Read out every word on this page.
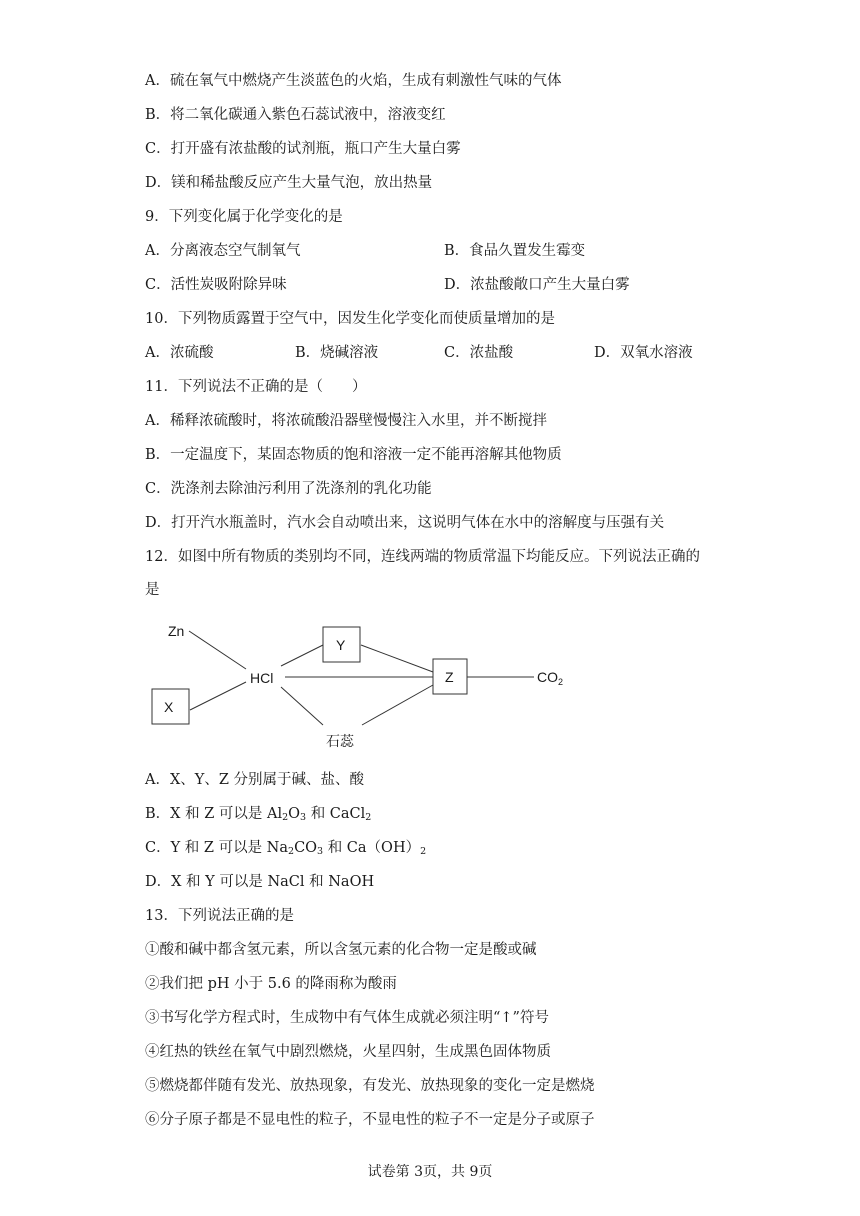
A．硫在氧气中燃烧产生淡蓝色的火焰，生成有刺激性气味的气体
B．将二氧化碳通入紫色石蕊试液中，溶液变红
C．打开盛有浓盐酸的试剂瓶，瓶口产生大量白雾
D．镁和稀盐酸反应产生大量气泡，放出热量
9．下列变化属于化学变化的是
A．分离液态空气制氧气	B．食品久置发生霉变
C．活性炭吸附除异味	D．浓盐酸敞口产生大量白雾
10．下列物质露置于空气中，因发生化学变化而使质量增加的是
A．浓硫酸	B．烧碱溶液	C．浓盐酸	D．双氧水溶液
11．下列说法不正确的是（　　）
A．稀释浓硫酸时，将浓硫酸沿器壁慢慢注入水里，并不断搅拌
B．一定温度下，某固态物质的饱和溶液一定不能再溶解其他物质
C．洗涤剂去除油污利用了洗涤剂的乳化功能
D．打开汽水瓶盖时，汽水会自动喷出来，这说明气体在水中的溶解度与压强有关
12．如图中所有物质的类别均不同，连线两端的物质常温下均能反应。下列说法正确的
是
Zn
X
Y
HCl	Z	$CO_2$
石蕊
A．X、Y、Z 分别属于碱、盐、酸
B．X 和 Z 可以是 $Al_2O_3$ 和 CaCl$_2$
C．Y 和 Z 可以是 $Na_2CO_3$ 和 $Ca(OH)_2$
D．X 和 Y 可以是 NaCl 和 NaOH
13．下列说法正确的是
①酸和碱中都含氢元素，所以含氢元素的化合物一定是酸或碱
②我们把 pH 小于 5.6 的降雨称为酸雨
③书写化学方程式时，生成物中有气体生成就必须注明“↑”符号
④红热的铁丝在氧气中剧烈燃烧，火星四射，生成黑色固体物质
⑤燃烧都伴随有发光、放热现象，有发光、放热现象的变化一定是燃烧
⑥分子原子都是不显电性的粒子，不显电性的粒子不一定是分子或原子
试卷第 3页，共 9页
